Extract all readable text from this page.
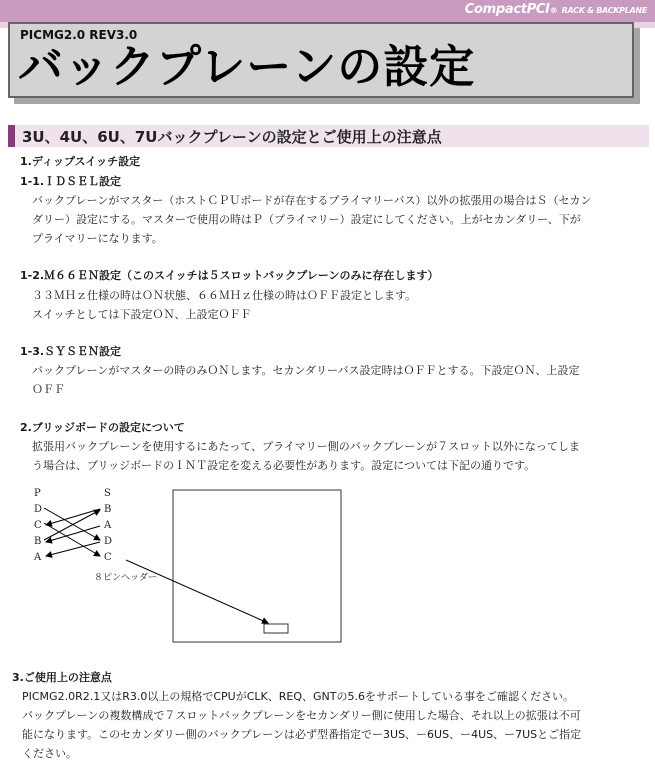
CompactPCI® RACK & BACKPLANE
PICMG2.0 REV3.0
バックプレーンの設定
3U、4U、6U、7Uバックプレーンの設定とご使用上の注意点
1.ディップスイッチ設定
1-1.ＩＤＳＥＬ設定
バックプレーンがマスター（ホストＣＰＵボードが存在するプライマリーバス）以外の拡張用の場合はＳ（セカン
ダリー）設定にする。マスターで使用の時はＰ（プライマリー）設定にしてください。上がセカンダリー、下が
プライマリーになります。
1-2.Ｍ６６ＥＮ設定（このスイッチは５スロットバックプレーンのみに存在します）
３３ＭＨｚ仕様の時はＯＮ状態、６６ＭＨｚ仕様の時はＯＦＦ設定とします。
スイッチとしては下設定ＯＮ、上設定ＯＦＦ
1-3.ＳＹＳＥＮ設定
バックプレーンがマスターの時のみＯＮします。セカンダリーバス設定時はＯＦＦとする。下設定ＯＮ、上設定
ＯＦＦ
2.ブリッジボードの設定について
拡張用バックプレーンを使用するにあたって、プライマリー側のバックプレーンが７スロット以外になってしま
う場合は、ブリッジボードのＩＮＴ設定を変える必要性があります。設定については下記の通りです。
P
D
C
B
A
S
B
A
D
C
８ピンヘッダー
3.ご使用上の注意点
PICMG2.0R2.1又はR3.0以上の規格でCPUがCLK、REQ、GNTの5.6をサポートしている事をご確認ください。
バックプレーンの複数構成で７スロットバックプレーンをセカンダリー側に使用した場合、それ以上の拡張は不可
能になります。このセカンダリー側のバックプレーンは必ず型番指定でー3US、ー6US、ー4US、ー7USとご指定
ください。
